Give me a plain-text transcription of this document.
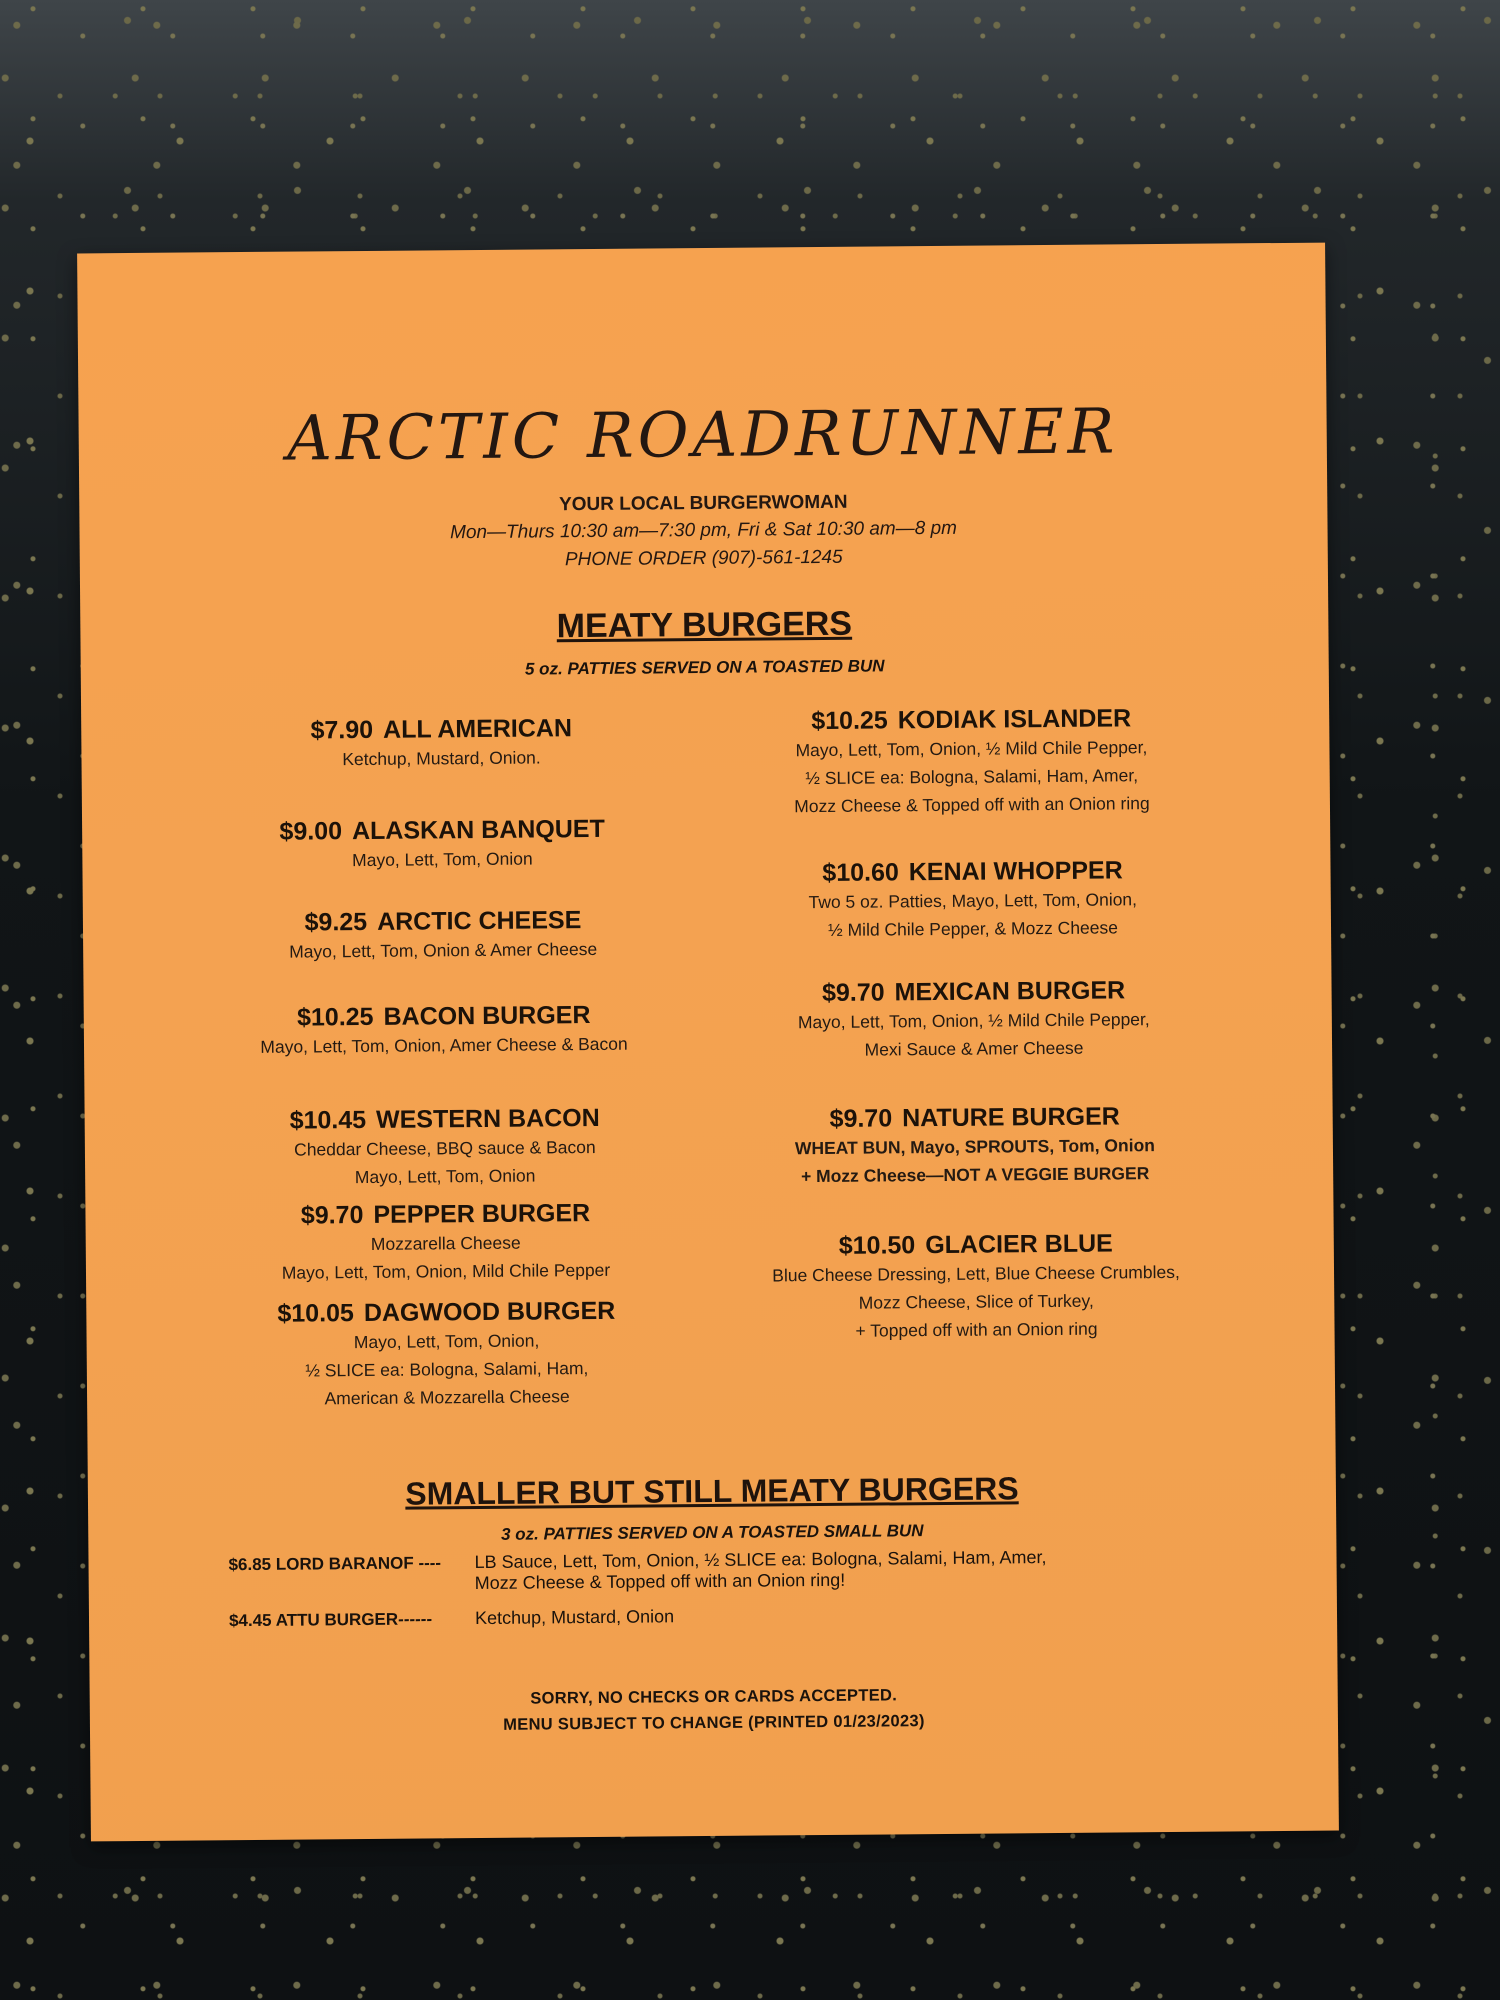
ARCTIC ROADRUNNER
YOUR LOCAL BURGERWOMAN
Mon—Thurs 10:30 am—7:30 pm, Fri & Sat 10:30 am—8 pm
PHONE ORDER (907)-561-1245
MEATY BURGERS
5 oz. PATTIES SERVED ON A TOASTED BUN
$7.90 ALL AMERICAN
Ketchup, Mustard, Onion.
$9.00 ALASKAN BANQUET
Mayo, Lett, Tom, Onion
$9.25 ARCTIC CHEESE
Mayo, Lett, Tom, Onion & Amer Cheese
$10.25 BACON BURGER
Mayo, Lett, Tom, Onion, Amer Cheese & Bacon
$10.45 WESTERN BACON
Cheddar Cheese, BBQ sauce & Bacon
Mayo, Lett, Tom, Onion
$9.70 PEPPER BURGER
Mozzarella Cheese
Mayo, Lett, Tom, Onion, Mild Chile Pepper
$10.05 DAGWOOD BURGER
Mayo, Lett, Tom, Onion,
½ SLICE ea: Bologna, Salami, Ham,
American & Mozzarella Cheese
$10.25 KODIAK ISLANDER
Mayo, Lett, Tom, Onion, ½ Mild Chile Pepper,
½ SLICE ea: Bologna, Salami, Ham, Amer,
Mozz Cheese & Topped off with an Onion ring
$10.60 KENAI WHOPPER
Two 5 oz. Patties, Mayo, Lett, Tom, Onion,
½ Mild Chile Pepper, & Mozz Cheese
$9.70 MEXICAN BURGER
Mayo, Lett, Tom, Onion, ½ Mild Chile Pepper,
Mexi Sauce & Amer Cheese
$9.70 NATURE BURGER
WHEAT BUN, Mayo, SPROUTS, Tom, Onion
+ Mozz Cheese—NOT A VEGGIE BURGER
$10.50 GLACIER BLUE
Blue Cheese Dressing, Lett, Blue Cheese Crumbles,
Mozz Cheese, Slice of Turkey,
+ Topped off with an Onion ring
SMALLER BUT STILL MEATY BURGERS
3 oz. PATTIES SERVED ON A TOASTED SMALL BUN
$6.85 LORD BARANOF ---- LB Sauce, Lett, Tom, Onion, ½ SLICE ea: Bologna, Salami, Ham, Amer,
Mozz Cheese & Topped off with an Onion ring!
$4.45 ATTU BURGER------ Ketchup, Mustard, Onion
SORRY, NO CHECKS OR CARDS ACCEPTED.
MENU SUBJECT TO CHANGE (PRINTED 01/23/2023)
